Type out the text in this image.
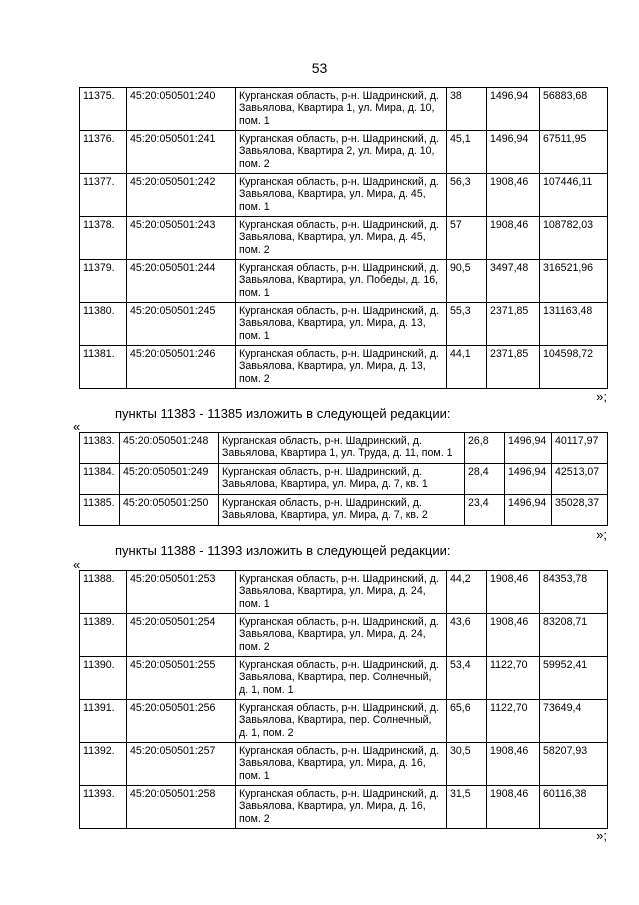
53
11375.	45:20:050501:240	Курганская область, р-н. Шадринский, д. Завьялова, Квартира 1, ул. Мира, д. 10, пом. 1	38	1496,94	56883,68
11376.	45:20:050501:241	Курганская область, р-н. Шадринский, д. Завьялова, Квартира 2, ул. Мира, д. 10, пом. 2	45,1	1496,94	67511,95
11377.	45:20:050501:242	Курганская область, р-н. Шадринский, д. Завьялова, Квартира, ул. Мира, д. 45, пом. 1	56,3	1908,46	107446,11
11378.	45:20:050501:243	Курганская область, р-н. Шадринский, д. Завьялова, Квартира, ул. Мира, д. 45, пом. 2	57	1908,46	108782,03
11379.	45:20:050501:244	Курганская область, р-н. Шадринский, д. Завьялова, Квартира, ул. Победы, д. 16, пом. 1	90,5	3497,48	316521,96
11380.	45:20:050501:245	Курганская область, р-н. Шадринский, д. Завьялова, Квартира, ул. Мира, д. 13, пом. 1	55,3	2371,85	131163,48
11381.	45:20:050501:246	Курганская область, р-н. Шадринский, д. Завьялова, Квартира, ул. Мира, д. 13, пом. 2	44,1	2371,85	104598,72
»;
пункты 11383 - 11385 изложить в следующей редакции:
«
11383.	45:20:050501:248	Курганская область, р-н. Шадринский, д. Завьялова, Квартира 1, ул. Труда, д. 11, пом. 1	26,8	1496,94	40117,97
11384.	45:20:050501:249	Курганская область, р-н. Шадринский, д. Завьялова, Квартира, ул. Мира, д. 7, кв. 1	28,4	1496,94	42513,07
11385.	45:20:050501:250	Курганская область, р-н. Шадринский, д. Завьялова, Квартира, ул. Мира, д. 7, кв. 2	23,4	1496,94	35028,37
»;
пункты 11388 - 11393 изложить в следующей редакции:
«
11388.	45:20:050501:253	Курганская область, р-н. Шадринский, д. Завьялова, Квартира, ул. Мира, д. 24, пом. 1	44,2	1908,46	84353,78
11389.	45:20:050501:254	Курганская область, р-н. Шадринский, д. Завьялова, Квартира, ул. Мира, д. 24, пом. 2	43,6	1908,46	83208,71
11390.	45:20:050501:255	Курганская область, р-н. Шадринский, д. Завьялова, Квартира, пер. Солнечный, д. 1, пом. 1	53,4	1122,70	59952,41
11391.	45:20:050501:256	Курганская область, р-н. Шадринский, д. Завьялова, Квартира, пер. Солнечный, д. 1, пом. 2	65,6	1122,70	73649,4
11392.	45:20:050501:257	Курганская область, р-н. Шадринский, д. Завьялова, Квартира, ул. Мира, д. 16, пом. 1	30,5	1908,46	58207,93
11393.	45:20:050501:258	Курганская область, р-н. Шадринский, д. Завьялова, Квартира, ул. Мира, д. 16, пом. 2	31,5	1908,46	60116,38
»;
